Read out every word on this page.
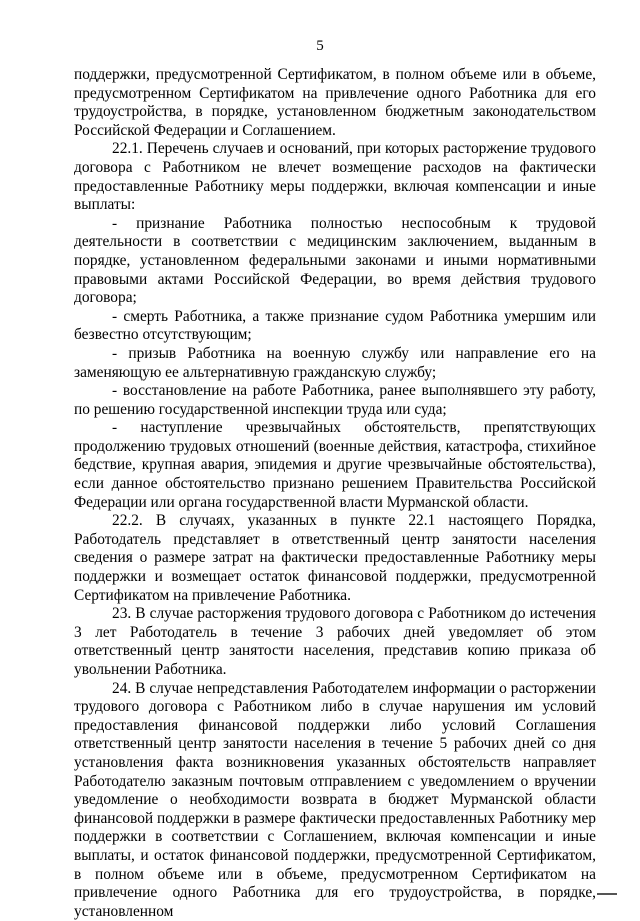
5

поддержки, предусмотренной Сертификатом, в полном объеме или в объеме, предусмотренном Сертификатом на привлечение одного Работника для его трудоустройства, в порядке, установленном бюджетным законодательством Российской Федерации и Соглашением.

22.1. Перечень случаев и оснований, при которых расторжение трудового договора с Работником не влечет возмещение расходов на фактически предоставленные Работнику меры поддержки, включая компенсации и иные выплаты:

- признание Работника полностью неспособным к трудовой деятельности в соответствии с медицинским заключением, выданным в порядке, установленном федеральными законами и иными нормативными правовыми актами Российской Федерации, во время действия трудового договора;

- смерть Работника, а также признание судом Работника умершим или безвестно отсутствующим;

- призыв Работника на военную службу или направление его на заменяющую ее альтернативную гражданскую службу;

- восстановление на работе Работника, ранее выполнявшего эту работу, по решению государственной инспекции труда или суда;

- наступление чрезвычайных обстоятельств, препятствующих продолжению трудовых отношений (военные действия, катастрофа, стихийное бедствие, крупная авария, эпидемия и другие чрезвычайные обстоятельства), если данное обстоятельство признано решением Правительства Российской Федерации или органа государственной власти Мурманской области.

22.2. В случаях, указанных в пункте 22.1 настоящего Порядка, Работодатель представляет в ответственный центр занятости населения сведения о размере затрат на фактически предоставленные Работнику меры поддержки и возмещает остаток финансовой поддержки, предусмотренной Сертификатом на привлечение Работника.

23. В случае расторжения трудового договора с Работником до истечения 3 лет Работодатель в течение 3 рабочих дней уведомляет об этом ответственный центр занятости населения, представив копию приказа об увольнении Работника.

24. В случае непредставления Работодателем информации о расторжении трудового договора с Работником либо в случае нарушения им условий предоставления финансовой поддержки либо условий Соглашения ответственный центр занятости населения в течение 5 рабочих дней со дня установления факта возникновения указанных обстоятельств направляет Работодателю заказным почтовым отправлением с уведомлением о вручении уведомление о необходимости возврата в бюджет Мурманской области финансовой поддержки в размере фактически предоставленных Работнику мер поддержки в соответствии с Соглашением, включая компенсации и иные выплаты, и остаток финансовой поддержки, предусмотренной Сертификатом, в полном объеме или в объеме, предусмотренном Сертификатом на привлечение одного Работника для его трудоустройства, в порядке, установленном
